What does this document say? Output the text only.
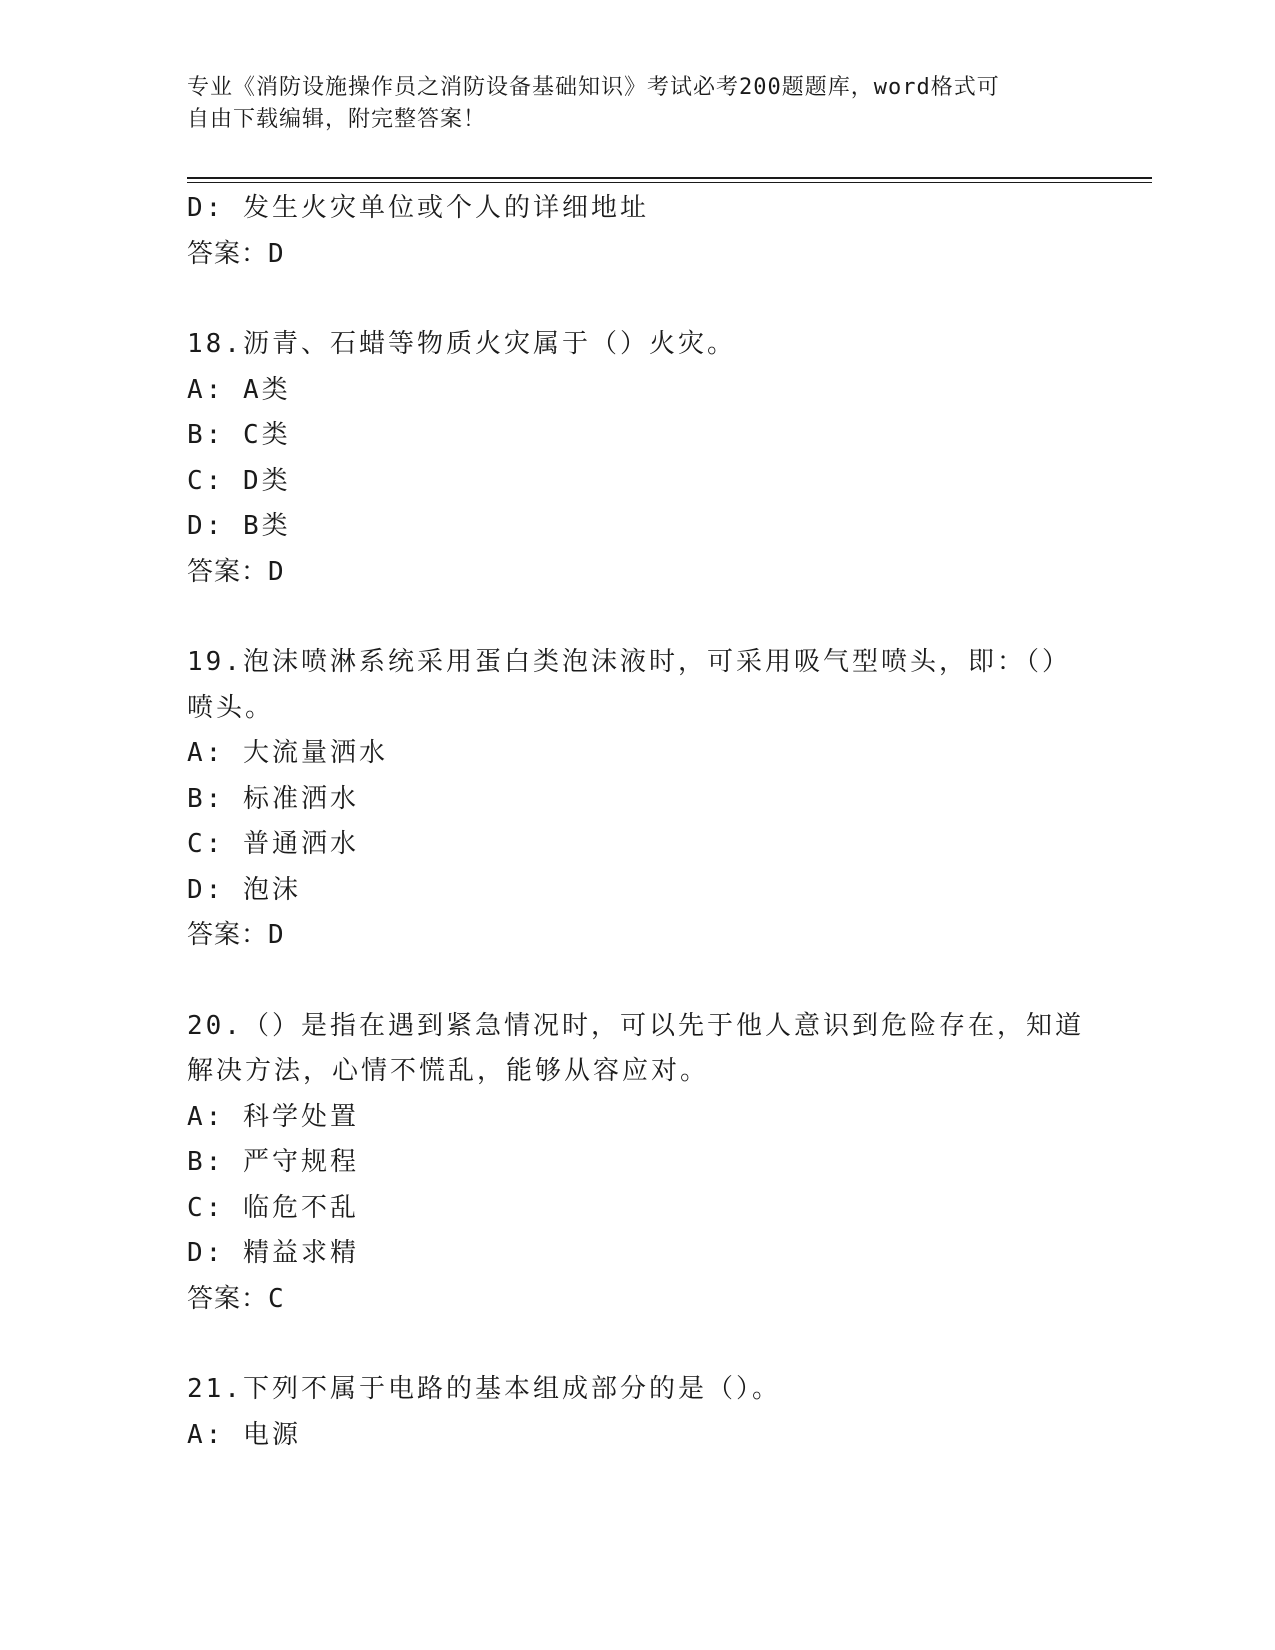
专业《消防设施操作员之消防设备基础知识》考试必考200题题库，word格式可
自由下载编辑，附完整答案！
D: 发生火灾单位或个人的详细地址
答案：D
18.沥青、石蜡等物质火灾属于（）火灾。
A: A类
B: C类
C: D类
D: B类
答案：D
19.泡沫喷淋系统采用蛋白类泡沫液时，可采用吸气型喷头，即：（）
喷头。
A: 大流量洒水
B: 标准洒水
C: 普通洒水
D: 泡沫
答案：D
20.（）是指在遇到紧急情况时，可以先于他人意识到危险存在，知道
解决方法，心情不慌乱，能够从容应对。
A: 科学处置
B: 严守规程
C: 临危不乱
D: 精益求精
答案：C
21.下列不属于电路的基本组成部分的是（）。
A: 电源
